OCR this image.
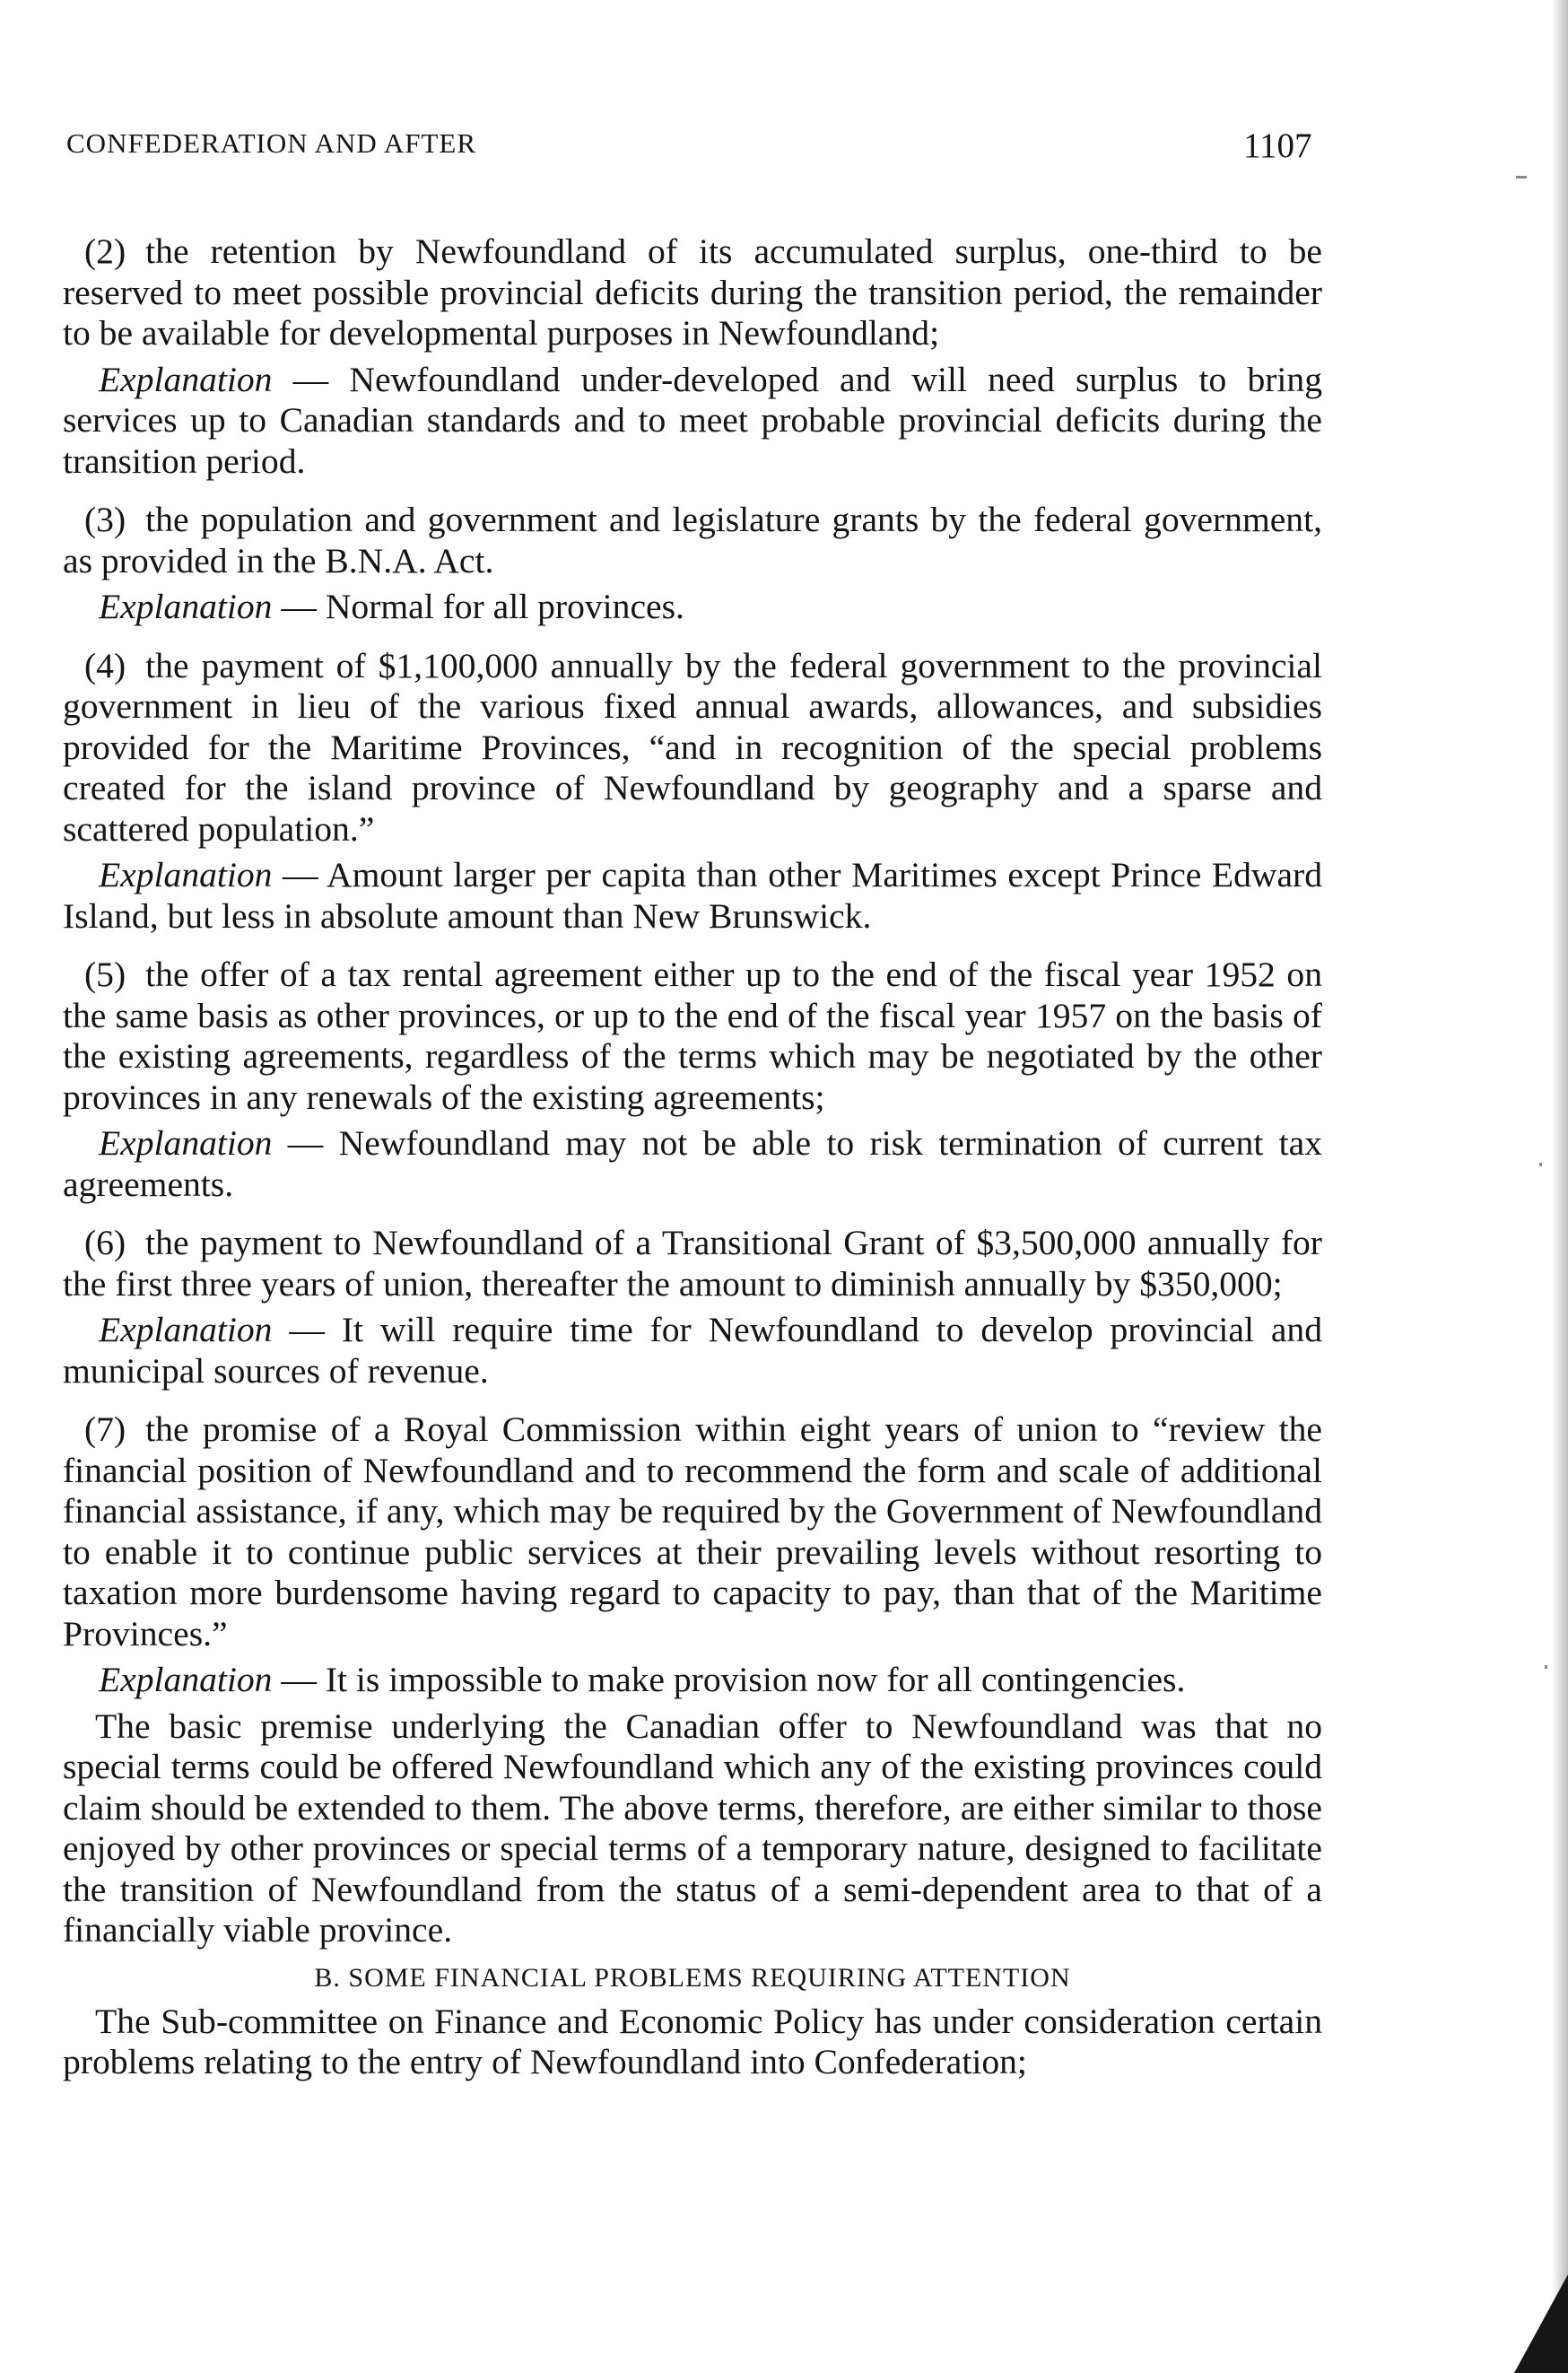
CONFEDERATION AND AFTER	1107

(2) the retention by Newfoundland of its accumulated surplus, one-third to be reserved to meet possible provincial deficits during the transition period, the remainder to be available for developmental purposes in Newfoundland;

Explanation — Newfoundland under-developed and will need surplus to bring services up to Canadian standards and to meet probable provincial deficits during the transition period.

(3) the population and government and legislature grants by the federal government, as provided in the B.N.A. Act.

Explanation — Normal for all provinces.

(4) the payment of $1,100,000 annually by the federal government to the provincial government in lieu of the various fixed annual awards, allowances, and subsidies provided for the Maritime Provinces, “and in recognition of the special problems created for the island province of Newfoundland by geography and a sparse and scattered population.”

Explanation — Amount larger per capita than other Maritimes except Prince Edward Island, but less in absolute amount than New Brunswick.

(5) the offer of a tax rental agreement either up to the end of the fiscal year 1952 on the same basis as other provinces, or up to the end of the fiscal year 1957 on the basis of the existing agreements, regardless of the terms which may be negotiated by the other provinces in any renewals of the existing agreements;

Explanation — Newfoundland may not be able to risk termination of current tax agreements.

(6) the payment to Newfoundland of a Transitional Grant of $3,500,000 annually for the first three years of union, thereafter the amount to diminish annually by $350,000;

Explanation — It will require time for Newfoundland to develop provincial and municipal sources of revenue.

(7) the promise of a Royal Commission within eight years of union to “review the financial position of Newfoundland and to recommend the form and scale of additional financial assistance, if any, which may be required by the Government of Newfoundland to enable it to continue public services at their prevailing levels without resorting to taxation more burdensome having regard to capacity to pay, than that of the Maritime Provinces.”

Explanation — It is impossible to make provision now for all contingencies.

The basic premise underlying the Canadian offer to Newfoundland was that no special terms could be offered Newfoundland which any of the existing provinces could claim should be extended to them. The above terms, therefore, are either similar to those enjoyed by other provinces or special terms of a temporary nature, designed to facilitate the transition of Newfoundland from the status of a semi-dependent area to that of a financially viable province.

B. SOME FINANCIAL PROBLEMS REQUIRING ATTENTION

The Sub-committee on Finance and Economic Policy has under consideration certain problems relating to the entry of Newfoundland into Confederation;
